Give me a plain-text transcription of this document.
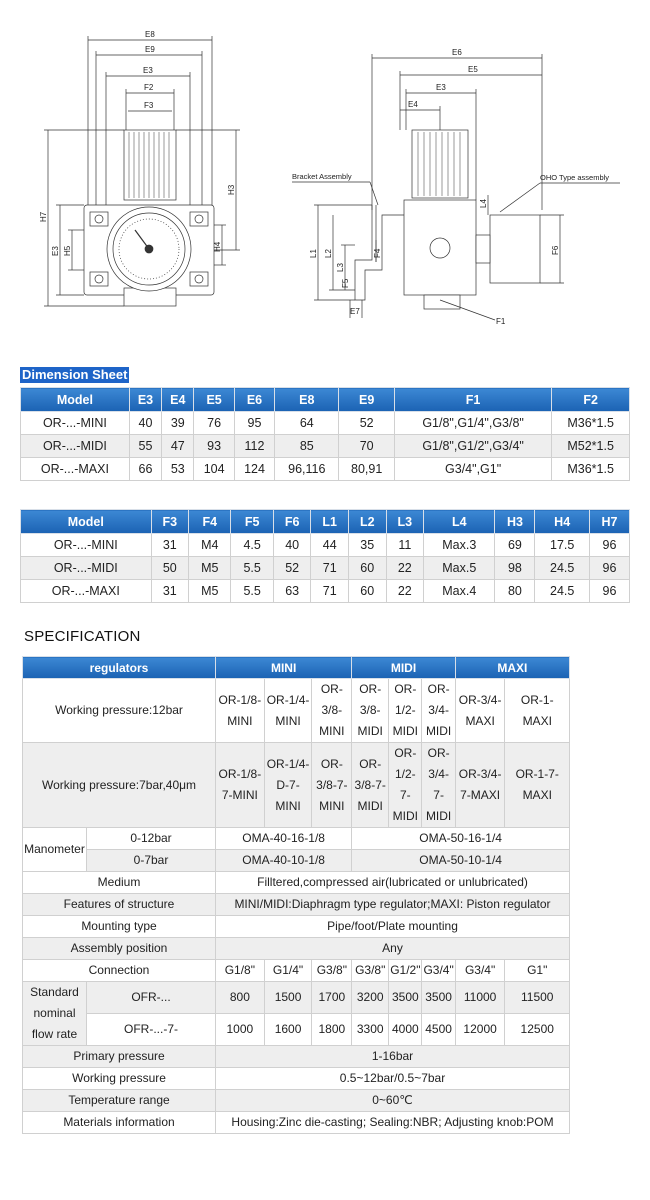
E8
E9
E3
F2
F3
H3
H7
E3 H5	H4
E6
E5
E3
E4
Bracket Assembly	OHO Type assembly
L4
L1 L2
L3
F4
F5
E7
F6
F1
Dimension Sheet
Model	E3	E4	E5	E6	E8	E9	F1	F2
OR-...-MINI	40	39	76	95	64	52	G1/8",G1/4",G3/8"	M36*1.5
OR-...-MIDI	55	47	93	112	85	70	G1/8",G1/2",G3/4"	M52*1.5
OR-...-MAXI	66	53	104	124	96,116	80,91	G3/4",G1"	M36*1.5
Model	F3	F4	F5	F6	L1	L2	L3	L4	H3	H4	H7
OR-...-MINI	31	M4	4.5	40	44	35	11	Max.3	69	17.5	96
OR-...-MIDI	50	M5	5.5	52	71	60	22	Max.5	98	24.5	96
OR-...-MAXI	31	M5	5.5	63	71	60	22	Max.4	80	24.5	96
SPECIFICATION
regulators		MINI			MIDI			MAXI	
Working pressure:12bar		OR-1/8-MINI	OR-1/4-MINI	OR-3/8-MINI	OR-3/8-MIDI	OR-1/2-MIDI	OR-3/4-MIDI	OR-3/4-MAXI	OR-1-MAXI
Working pressure:7bar,40μm		OR-1/8-7-MINI	OR-1/4-D-7-MINI	OR-3/8-7-MINI	OR-3/8-7-MIDI	OR-1/2-7-MIDI	OR-3/4-7-MIDI	OR-3/4-7-MAXI	OR-1-7-MAXI
Manometer	0-12bar	OMA-40-16-1/8			OMA-50-16-1/4				
	0-7bar	OMA-40-10-1/8			OMA-50-10-1/4				
Medium		Filltered,compressed air(lubricated or unlubricated)							
Features of structure		MINI/MIDI:Diaphragm type regulator;MAXI: Piston regulator							
Mounting type		Pipe/foot/Plate mounting							
Assembly position		Any							
Connection		G1/8"	G1/4"	G3/8"	G3/8"	G1/2"	G3/4"	G3/4"	G1"
Standard nominal flow rate	OFR-...	800	1500	1700	3200	3500	3500	11000	11500
	OFR-...-7-	1000	1600	1800	3300	4000	4500	12000	12500
Primary pressure		1-16bar							
Working pressure		0.5~12bar/0.5~7bar							
Temperature range		0~60℃							
Materials information		Housing:Zinc die-casting; Sealing:NBR; Adjusting knob:POM							
